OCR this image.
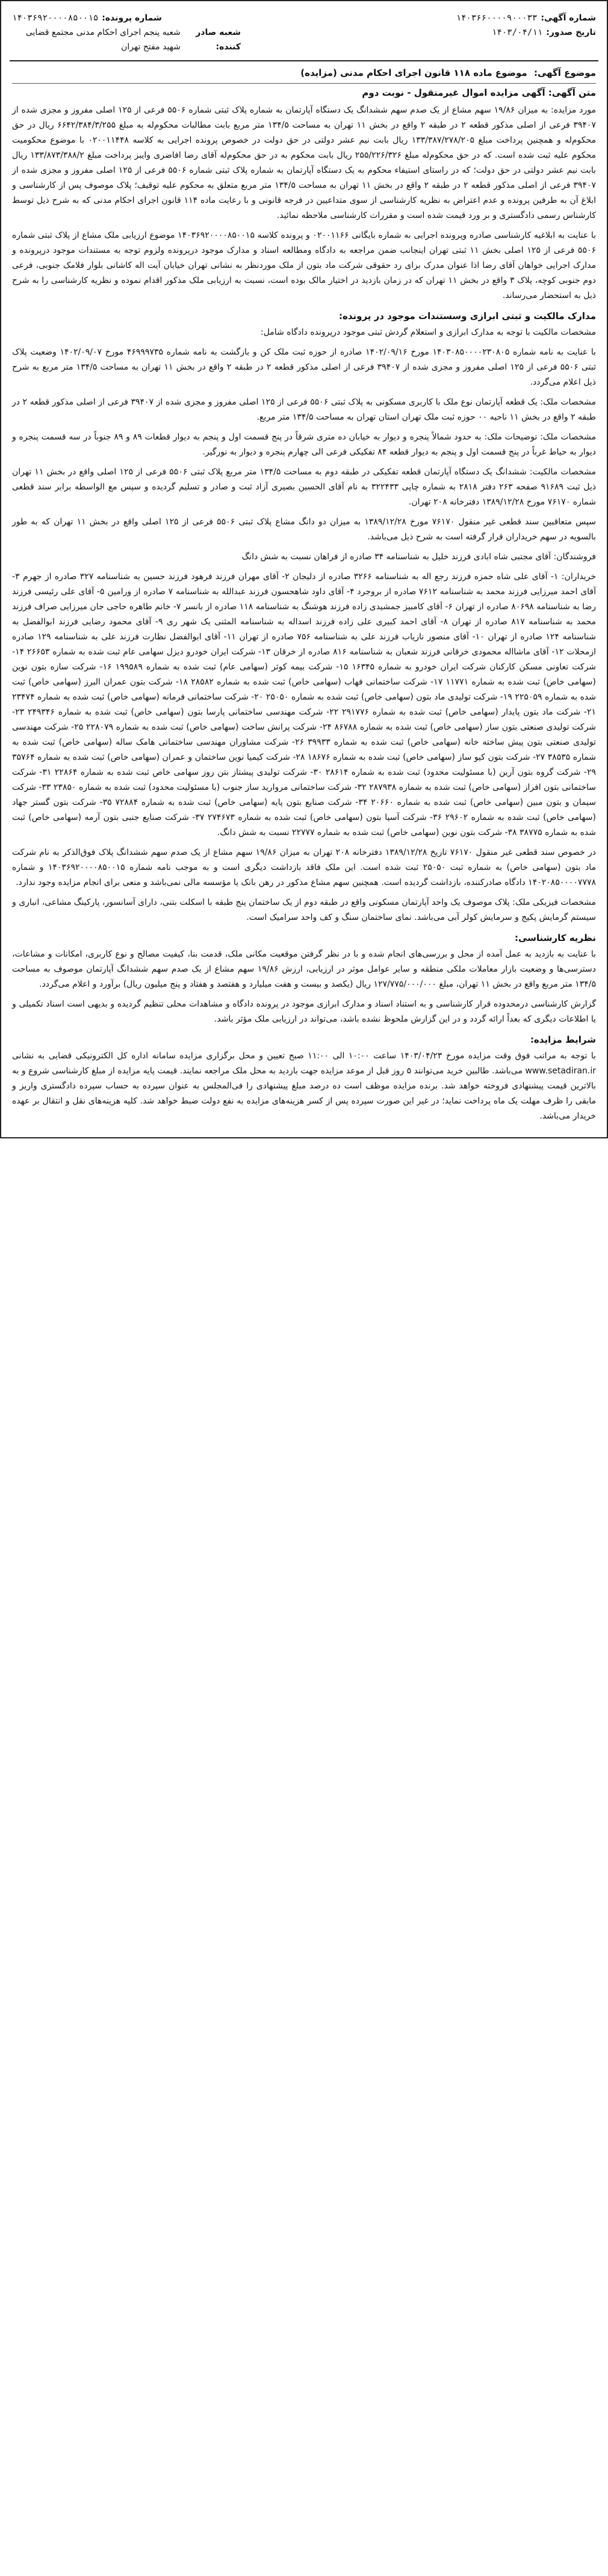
شماره آگهی:
۱۴۰۳۶۶۰۰۰۰۹۰۰۰۳۳
شماره پرونده:
۱۴۰۳۶۹۲۰۰۰۰۸۵۰۰۱۵
تاریخ صدور:
۱۴۰۳/۰۴/۱۱
شعبه صادر کننده:
شعبه پنجم اجرای احکام مدنی مجتمع قضایی شهید مفتح تهران
موضوع آگهی: موضوع ماده ۱۱۸ قانون اجرای احکام مدنی (مزایده)
متن آگهی: آگهی مزایده اموال غیرمنقول - نوبت دوم

مورد مزایده: به میزان ۱۹/۸۶ سهم مشاع از یک صدم سهم ششدانگ یک دستگاه آپارتمان به شماره پلاک ثبتی شماره ۵۵۰۶ فرعی از ۱۲۵ اصلی مفروز و مجزی شده از ۳۹۴۰۷ فرعی از اصلی مذکور قطعه ۲ در طبقه ۲ واقع در بخش ۱۱ تهران به مساحت ۱۳۴/۵ متر مربع بابت مطالبات محکوم‌له به مبلغ ۶۶۴۲/۳۸۴/۳/۲۵۵ ریال در حق محکوم‌له و همچنین پرداخت مبلغ ۱۳۳/۳۸۷/۲۷۸/۲۰۵ ریال بابت نیم عشر دولتی در حق دولت در خصوص پرونده اجرایی به کلاسه ۰۲۰۰۱۱۴۴۸ با موضوع محکومیت محکوم علیه ثبت شده است. که در حق محکوم‌له مبلغ ۲۵۵/۲۲۶/۳۲۶ ریال بابت محکوم به در حق محکوم‌له آقای رضا افاضری وایبز پرداخت مبلغ ۱۳۳/۸۷۳/۳۸۸/۲ ریال بابت نیم عشر دولتی در حق دولت؛ که در راستای استیفاء محکوم به یک دستگاه آپارتمان به شماره پلاک ثبتی شماره ۵۵۰۶ فرعی از ۱۲۵ اصلی مفروز و مجزی شده از ۳۹۴۰۷ فرعی از اصلی مذکور قطعه ۲ در طبقه ۲ واقع در بخش ۱۱ تهران به مساحت ۱۳۴/۵ متر مربع متعلق به محکوم علیه توقیف؛ پلاک موصوف پس از کارشناسی و ابلاغ آن به طرفین پرونده و عدم اعتراض به نظریه کارشناسی از سوی متداعیین در فرجه قانونی و با رعایت ماده ۱۱۴ قانون اجرای احکام مدنی که به شرح ذیل توسط کارشناس رسمی دادگستری و بر ورد قیمت شده است و مقررات کارشناسی ملاحظه نمائید.

با عنایت به ابلاغیه کارشناسی صادره وپرونده اجرایی به شماره بایگانی ۰۲۰۰۱۱۶۶ و پرونده کلاسه ۱۴۰۳۶۹۲۰۰۰۰۸۵۰۰۱۵ موضوع ارزیابی ملک مشاع از پلاک ثبتی شماره ۵۵۰۶ فرعی از ۱۲۵ اصلی بخش ۱۱ ثبتی تهران اینجانب ضمن مراجعه به دادگاه ومطالعه اسناد و مدارک موجود درپرونده ولزوم توجه به مستندات موجود درپرونده و مدارک اجرایی خواهان آقای رضا اذا عنوان مدرک برای رد حقوقی شرکت ماد بتون از ملک موردنظر به نشانی تهران خیابان آیت اله کاشانی بلوار فلامک جنوبی، فرعی دوم جنوبی کوچه، پلاک ۳ واقع در بخش ۱۱ تهران که در زمان بازدید در اختیار مالک بوده است، نسبت به ارزیابی ملک مذکور اقدام نموده و نظریه کارشناسی را به شرح ذیل به استحضار می‌رساند.

مدارک مالکیت و ثبتی ابرازی وسستندات موجود در پرونده:

مشخصات مالکیت با توجه به مدارک ابرازی و استعلام گردش ثبتی موجود درپرونده دادگاه شامل:

با عنایت به نامه شماره ۱۴۰۳۰۸۵۰۰۰۰۲۳۰۸۰۵ مورخ ۱۴۰۲/۰۹/۱۶ صادره از حوزه ثبت ملک کن و بازگشت به نامه شماره ۴۶۹۹۹۷۳۵ مورخ ۱۴۰۲/۰۹/۰۷ وضعیت پلاک ثبتی ۵۵۰۶ فرعی از ۱۲۵ اصلی مفروز و مجزی شده از ۳۹۴۰۷ فرعی از اصلی مذکور قطعه ۲ در طبقه ۲ واقع در بخش ۱۱ تهران به مساحت ۱۳۴/۵ متر مربع به شرح ذیل اعلام می‌گردد.

مشخصات ملک: یک قطعه آپارتمان نوع ملک با کاربری مسکونی به پلاک ثبتی ۵۵۰۶ فرعی از ۱۲۵ اصلی مفروز و مجزی شده از ۳۹۴۰۷ فرعی از اصلی مذکور قطعه ۲ در طبقه ۲ واقع در بخش ۱۱ ناحیه ۰۰ حوزه ثبت ملک تهران استان تهران به مساحت ۱۳۴/۵ متر مربع.

مشخصات ملک: توضیحات ملک: به حدود شمالاً پنجره و دیوار به خیابان ده متری شرقاً در پنج قسمت اول و پنجم به دیوار قطعات ۸۹ و ۸۹ جنوباً در سه قسمت پنجره و دیوار به حیاط غرباً در پنج قسمت اول و پنجم به دیوار قطعه ۸۴ تفکیکی فرعی الی چهارم پنجره و دیوار به نورگیر.

مشخصات مالکیت: ششدانگ یک دستگاه آپارتمان قطعه تفکیکی در طبقه دوم به مساحت ۱۳۴/۵ متر مربع پلاک ثبتی ۵۵۰۶ فرعی از ۱۲۵ اصلی واقع در بخش ۱۱ تهران ذیل ثبت ۹۱۶۸۹ صفحه ۲۶۳ دفتر ۲۸۱۸ به شماره چاپی ۳۲۲۴۳۳ به نام آقای الحسین بصیری آزاد ثبت و صادر و تسلیم گردیده و سپس مع الواسطه برابر سند قطعی شماره ۷۶۱۷۰ مورخ ۱۳۸۹/۱۲/۲۸ دفترخانه ۲۰۸ تهران.

سپس متعاقبین سند قطعی غیر منقول ۷۶۱۷۰ مورخ ۱۳۸۹/۱۲/۲۸ به میزان دو دانگ مشاع پلاک ثبتی ۵۵۰۶ فرعی از ۱۲۵ اصلی واقع در بخش ۱۱ تهران که به طور بالسویه در سهم خریداران قرار گرفته است به شرح ذیل می‌باشد.

فروشندگان: آقای مجتبی شاه ابادی فرزند خلیل به شناسنامه ۳۴ صادره از فراهان نسبت به شش دانگ

خریداران: ۱- آقای علی شاه حمزه فرزند رجع اله به شناسنامه ۳۲۶۶ صادره از دلیجان ۲- آقای مهران فرزند فرهود فرزند حسین به شناسنامه ۳۲۷ صادره از جهرم ۳- آقای احمد میرزایی فرزند محمد به شناسنامه ۷۶۱۲ صادره از بروجرد ۴- آقای داود شاهحسون فرزند عبدالله به شناسنامه ۷ صادره از ورامین ۵- آقای علی رئیسی فرزند رضا به شناسنامه ۸۰۶۹۸ صادره از تهران ۶- آقای کامبیز جمشیدی زاده فرزند هوشنگ به شناسنامه ۱۱۸ صادره از بانسر ۷- خانم طاهره حاجی جان میرزایی صراف فرزند محمد به شناسنامه ۸۱۷ صادره از تهران ۸- آقای احمد کبیری علی زاده فرزند اسداله به شناسنامه المثنی یک شهر ری ۹- آقای محمود رضایی فرزند ابوالفضل به شناسنامه ۱۲۴ صادره از تهران ۱۰- آقای منصور نازیاب فرزند علی به شناسنامه ۷۵۶ صادره از تهران ۱۱- آقای ابوالفضل نظارت فرزند علی به شناسنامه ۱۲۹ صادره ازمحلات ۱۲- آقای ماشااله محمودی خرقانی فرزند شعبان به شناسنامه ۸۱۶ صادره از خرقان ۱۳- شرکت ایران خودرو دیزل سهامی عام ثبت شده به شماره ۲۶۶۵۳ ۱۴- شرکت تعاونی مسکن کارکنان شرکت ایران خودرو به شماره ۱۶۳۴۵ ۱۵- شرکت بیمه کوثر (سهامی عام) ثبت شده به شماره ۱۹۹۵۸۹ ۱۶- شرکت سازه بتون نوین (سهامی خاص) ثبت شده به شماره ۱۱۷۷۱ ۱۷- شرکت ساختمانی فهاب (سهامی خاص) ثبت شده به شماره ۲۸۵۸۲ ۱۸- شرکت بتون عمران البرز (سهامی خاص) ثبت شده به شماره ۲۲۵۰۵۹ ۱۹- شرکت تولیدی ماد بتون (سهامی خاص) ثبت شده به شماره ۲۵۰۵۰ ۲۰- شرکت ساختمانی فرمانه (سهامی خاص) ثبت شده به شماره ۲۳۴۷۴ ۲۱- شرکت ماد بتون پایدار (سهامی خاص) ثبت شده به شماره ۲۹۱۷۷۶ ۲۲- شرکت مهندسی ساختمانی پارسا بتون (سهامی خاص) ثبت شده به شماره ۲۴۹۳۴۶ ۲۳- شرکت تولیدی صنعتی بتون ساز (سهامی خاص) ثبت شده به شماره ۸۶۷۸۸ ۲۴- شرکت پرانش ساخت (سهامی خاص) ثبت شده به شماره ۲۲۸۰۷۹ ۲۵- شرکت مهندسی تولیدی صنعتی بتون پیش ساخته خانه (سهامی خاص) ثبت شده به شماره ۳۹۹۳۳ ۲۶- شرکت مشاوران مهندسی ساختمانی هامک ساله (سهامی خاص) ثبت شده به شماره ۳۸۵۳۵ ۲۷- شرکت بتون کیو ساز (سهامی خاص) ثبت شده به شماره ۱۸۶۷۶ ۲۸- شرکت کیمیا نوین ساختمان و عمران (سهامی خاص) ثبت شده به شماره ۳۵۷۶۴ ۲۹- شرکت گروه بتون آرین (با مسئولیت محدود) ثبت شده به شماره ۲۸۶۱۴ ۳۰- شرکت تولیدی پیشتاز بتن روز سهامی خاص ثبت شده به شماره ۲۲۸۶۴ ۳۱- شرکت ساختمانی بتون افراز (سهامی خاص) ثبت شده به شماره ۲۸۷۹۳۸ ۳۲- شرکت ساختمانی مروارید ساز جنوب (با مسئولیت محدود) ثبت شده به شماره ۲۳۸۵۰ ۳۳- شرکت سیمان و بتون مبین (سهامی خاص) ثبت شده به شماره ۲۰۶۶۰ ۳۴- شرکت صنایع بتون پایه (سهامی خاص) ثبت شده به شماره ۷۲۸۸۴ ۳۵- شرکت بتون گستر جهاد (سهامی خاص) ثبت شده به شماره ۲۹۶۰۲ ۳۶- شرکت آسیا بتون (سهامی خاص) ثبت شده به شماره ۲۷۴۶۷۳ ۳۷- شرکت صنایع جنبی بتون آرمه (سهامی خاص) ثبت شده به شماره ۳۸۷۷۵ ۳۸- شرکت بتون نوین (سهامی خاص) ثبت شده به شماره ۲۲۷۷۷ نسبت به شش دانگ.

در خصوص سند قطعی غیر منقول ۷۶۱۷۰ تاریخ ۱۳۸۹/۱۲/۲۸ دفترخانه ۲۰۸ تهران به میزان ۱۹/۸۶ سهم مشاع از یک صدم سهم ششدانگ پلاک فوق‌الذکر به نام شرکت ماد بتون (سهامی خاص) به شماره ثبت ۲۵۰۵۰ ثبت شده است. این ملک فاقد بازداشت دیگری است و به موجب نامه شماره ۱۴۰۳۶۹۲۰۰۰۰۸۵۰۰۱۵ و شماره ۱۴۰۲۰۸۵۰۰۰۰۷۷۷۸ دادگاه صادرکننده، بازداشت گردیده است. همچنین سهم مشاع مذکور در رهن بانک یا مؤسسه مالی نمی‌باشد و منعی برای انجام مزایده وجود ندارد.

مشخصات فیزیکی ملک: پلاک موصوف یک واحد آپارتمان مسکونی واقع در طبقه دوم از یک ساختمان پنج طبقه با اسکلت بتنی، دارای آسانسور، پارکینگ مشاعی، انباری و سیستم گرمایش پکیج و سرمایش کولر آبی می‌باشد. نمای ساختمان سنگ و کف واحد سرامیک است.

نظریه کارشناسی:

با عنایت به بازدید به عمل آمده از محل و بررسی‌های انجام شده و با در نظر گرفتن موقعیت مکانی ملک، قدمت بنا، کیفیت مصالح و نوع کاربری، امکانات و مشاعات، دسترسی‌ها و وضعیت بازار معاملات ملکی منطقه و سایر عوامل موثر در ارزیابی، ارزش ۱۹/۸۶ سهم مشاع از یک صدم سهم ششدانگ آپارتمان موصوف به مساحت ۱۳۴/۵ متر مربع واقع در بخش ۱۱ تهران، مبلغ ۱۲۷/۷۷۵/۰۰۰/۰۰۰ ریال (یکصد و بیست و هفت میلیارد و هفتصد و هفتاد و پنج میلیون ریال) برآورد و اعلام می‌گردد.

گزارش کارشناسی درمحدوده قرار کارشناسی و به استناد اسناد و مدارک ابرازی موجود در پرونده دادگاه و مشاهدات محلی تنظیم گردیده و بدیهی است اسناد تکمیلی و یا اطلاعات دیگری که بعداً ارائه گردد و در این گزارش ملحوظ نشده باشد، می‌تواند در ارزیابی ملک مؤثر باشد.

شرایط مزایده:

با توجه به مراتب فوق وقت مزایده مورخ ۱۴۰۳/۰۴/۲۳ ساعت ۱۰:۰۰ الی ۱۱:۰۰ صبح تعیین و محل برگزاری مزایده سامانه اداره کل الکترونیکی قضایی به نشانی www.setadiran.ir می‌باشد. طالبین خرید می‌توانند ۵ روز قبل از موعد مزایده جهت بازدید به محل ملک مراجعه نمایند. قیمت پایه مزایده از مبلغ کارشناسی شروع و به بالاترین قیمت پیشنهادی فروخته خواهد شد. برنده مزایده موظف است ده درصد مبلغ پیشنهادی را فی‌المجلس به عنوان سپرده به حساب سپرده دادگستری واریز و مابقی را ظرف مهلت یک ماه پرداخت نماید؛ در غیر این صورت سپرده پس از کسر هزینه‌های مزایده به نفع دولت ضبط خواهد شد. کلیه هزینه‌های نقل و انتقال بر عهده خریدار می‌باشد.
